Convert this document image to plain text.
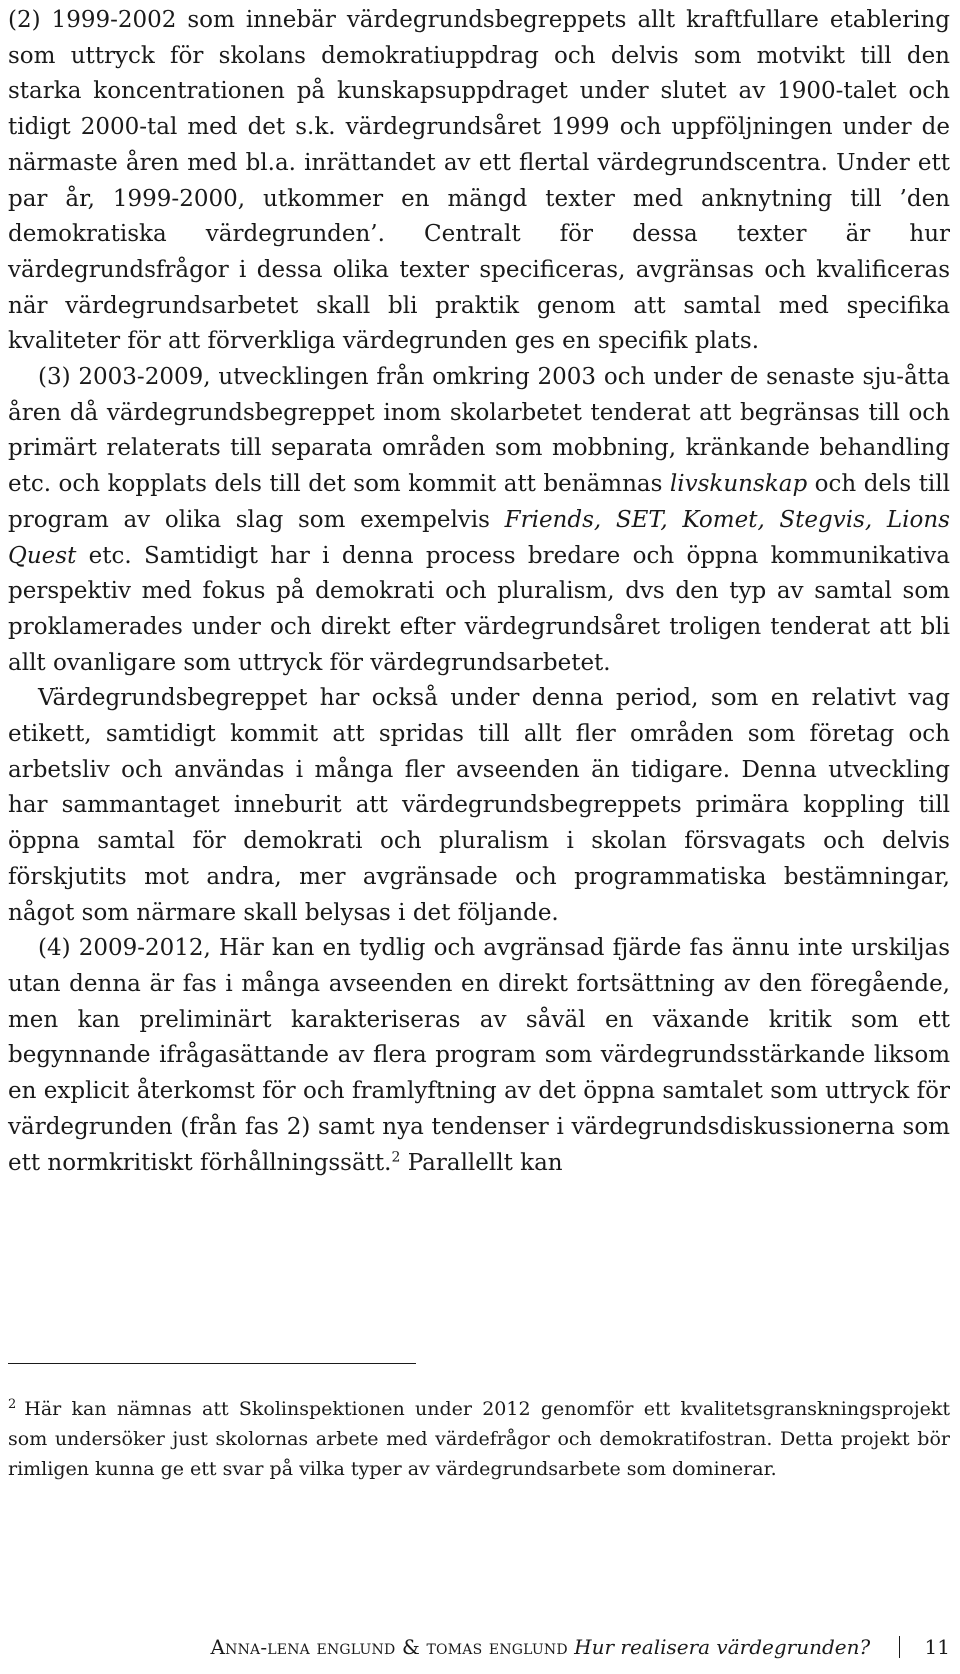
(2) 1999-2002 som innebär värdegrundsbegreppets allt kraftfullare etablering som uttryck för skolans demokratiuppdrag och delvis som motvikt till den starka koncentrationen på kunskapsuppdraget under slutet av 1900-talet och tidigt 2000-tal med det s.k. värdegrundsåret 1999 och uppföljningen under de närmaste åren med bl.a. inrättandet av ett flertal värdegrundscentra. Under ett par år, 1999-2000, utkommer en mängd texter med anknytning till ’den demokratiska värdegrunden’. Centralt för dessa texter är hur värdegrundsfrågor i dessa olika texter specificeras, avgränsas och kvalificeras när värdegrundsarbetet skall bli praktik genom att samtal med specifika kvaliteter för att förverkliga värdegrunden ges en specifik plats.

(3) 2003-2009, utvecklingen från omkring 2003 och under de senaste sju-åtta åren då värdegrundsbegreppet inom skolarbetet tenderat att begränsas till och primärt relaterats till separata områden som mobbning, kränkande behandling etc. och kopplats dels till det som kommit att benämnas livskunskap och dels till program av olika slag som exempelvis Friends, SET, Komet, Stegvis, Lions Quest etc. Samtidigt har i denna process bredare och öppna kommunikativa perspektiv med fokus på demokrati och pluralism, dvs den typ av samtal som proklamerades under och direkt efter värdegrundsåret troligen tenderat att bli allt ovanligare som uttryck för värdegrundsarbetet.

Värdegrundsbegreppet har också under denna period, som en relativt vag etikett, samtidigt kommit att spridas till allt fler områden som företag och arbetsliv och användas i många fler avseenden än tidigare. Denna utveckling har sammantaget inneburit att värdegrundsbegreppets primära koppling till öppna samtal för demokrati och pluralism i skolan försvagats och delvis förskjutits mot andra, mer avgränsade och programmatiska bestämningar, något som närmare skall belysas i det följande.

(4) 2009-2012, Här kan en tydlig och avgränsad fjärde fas ännu inte urskiljas utan denna är fas i många avseenden en direkt fortsättning av den föregående, men kan preliminärt karakteriseras av såväl en växande kritik som ett begynnande ifrågasättande av flera program som värdegrundsstärkande liksom en explicit återkomst för och framlyftning av det öppna samtalet som uttryck för värdegrunden (från fas 2) samt nya tendenser i värdegrundsdiskussionerna som ett normkritiskt förhållningssätt.$^2$ Parallellt kan

$^2$ Här kan nämnas att Skolinspektionen under 2012 genomför ett kvalitetsgranskningsprojekt som undersöker just skolornas arbete med värdefrågor och demokratifostran. Detta projekt bör rimligen kunna ge ett svar på vilka typer av värdegrundsarbete som dominerar.

Anna-lena englund & tomas englund Hur realisera värdegrunden?	11
